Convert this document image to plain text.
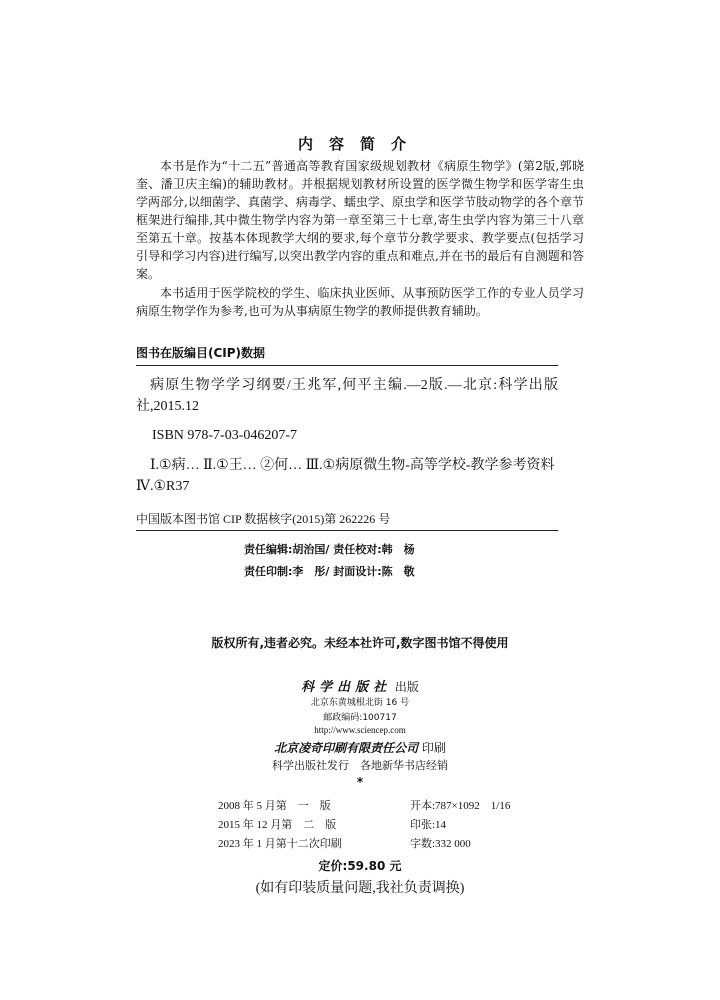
内容简介

本书是作为“十二五”普通高等教育国家级规划教材《病原生物学》(第2版,郭晓奎、潘卫庆主编)的辅助教材。并根据规划教材所设置的医学微生物学和医学寄生虫学两部分,以细菌学、真菌学、病毒学、蠕虫学、原虫学和医学节肢动物学的各个章节框架进行编排,其中微生物学内容为第一章至第三十七章,寄生虫学内容为第三十八章至第五十章。按基本体现教学大纲的要求,每个章节分教学要求、教学要点(包括学习引导和学习内容)进行编写,以突出教学内容的重点和难点,并在书的最后有自测题和答案。

本书适用于医学院校的学生、临床执业医师、从事预防医学工作的专业人员学习病原生物学作为参考,也可为从事病原生物学的教师提供教育辅助。

图书在版编目(CIP)数据

病原生物学学习纲要/王兆军,何平主编.—2版.—北京:科学出版社,2015.12

ISBN 978-7-03-046207-7

Ⅰ.①病… Ⅱ.①王… ②何… Ⅲ.①病原微生物-高等学校-教学参考资料 Ⅳ.①R37

中国版本图书馆 CIP 数据核字(2015)第 262226 号

责任编辑:胡治国/ 责任校对:韩　杨
责任印制:李　彤/ 封面设计:陈　敬
版权所有,违者必究。未经本社许可,数字图书馆不得使用

科学出版社 出版

北京东黄城根北街 16 号

邮政编码:100717

http://www.sciencep.com

北京凌奇印刷有限责任公司 印刷

科学出版社发行　各地新华书店经销

*

2008 年 5 月第　一　版	开本:787×1092　1/16
2015 年 12 月第　二　版	印张:14
2023 年 1 月第十二次印刷	字数:332 000

定价:59.80 元

(如有印装质量问题,我社负责调换)
